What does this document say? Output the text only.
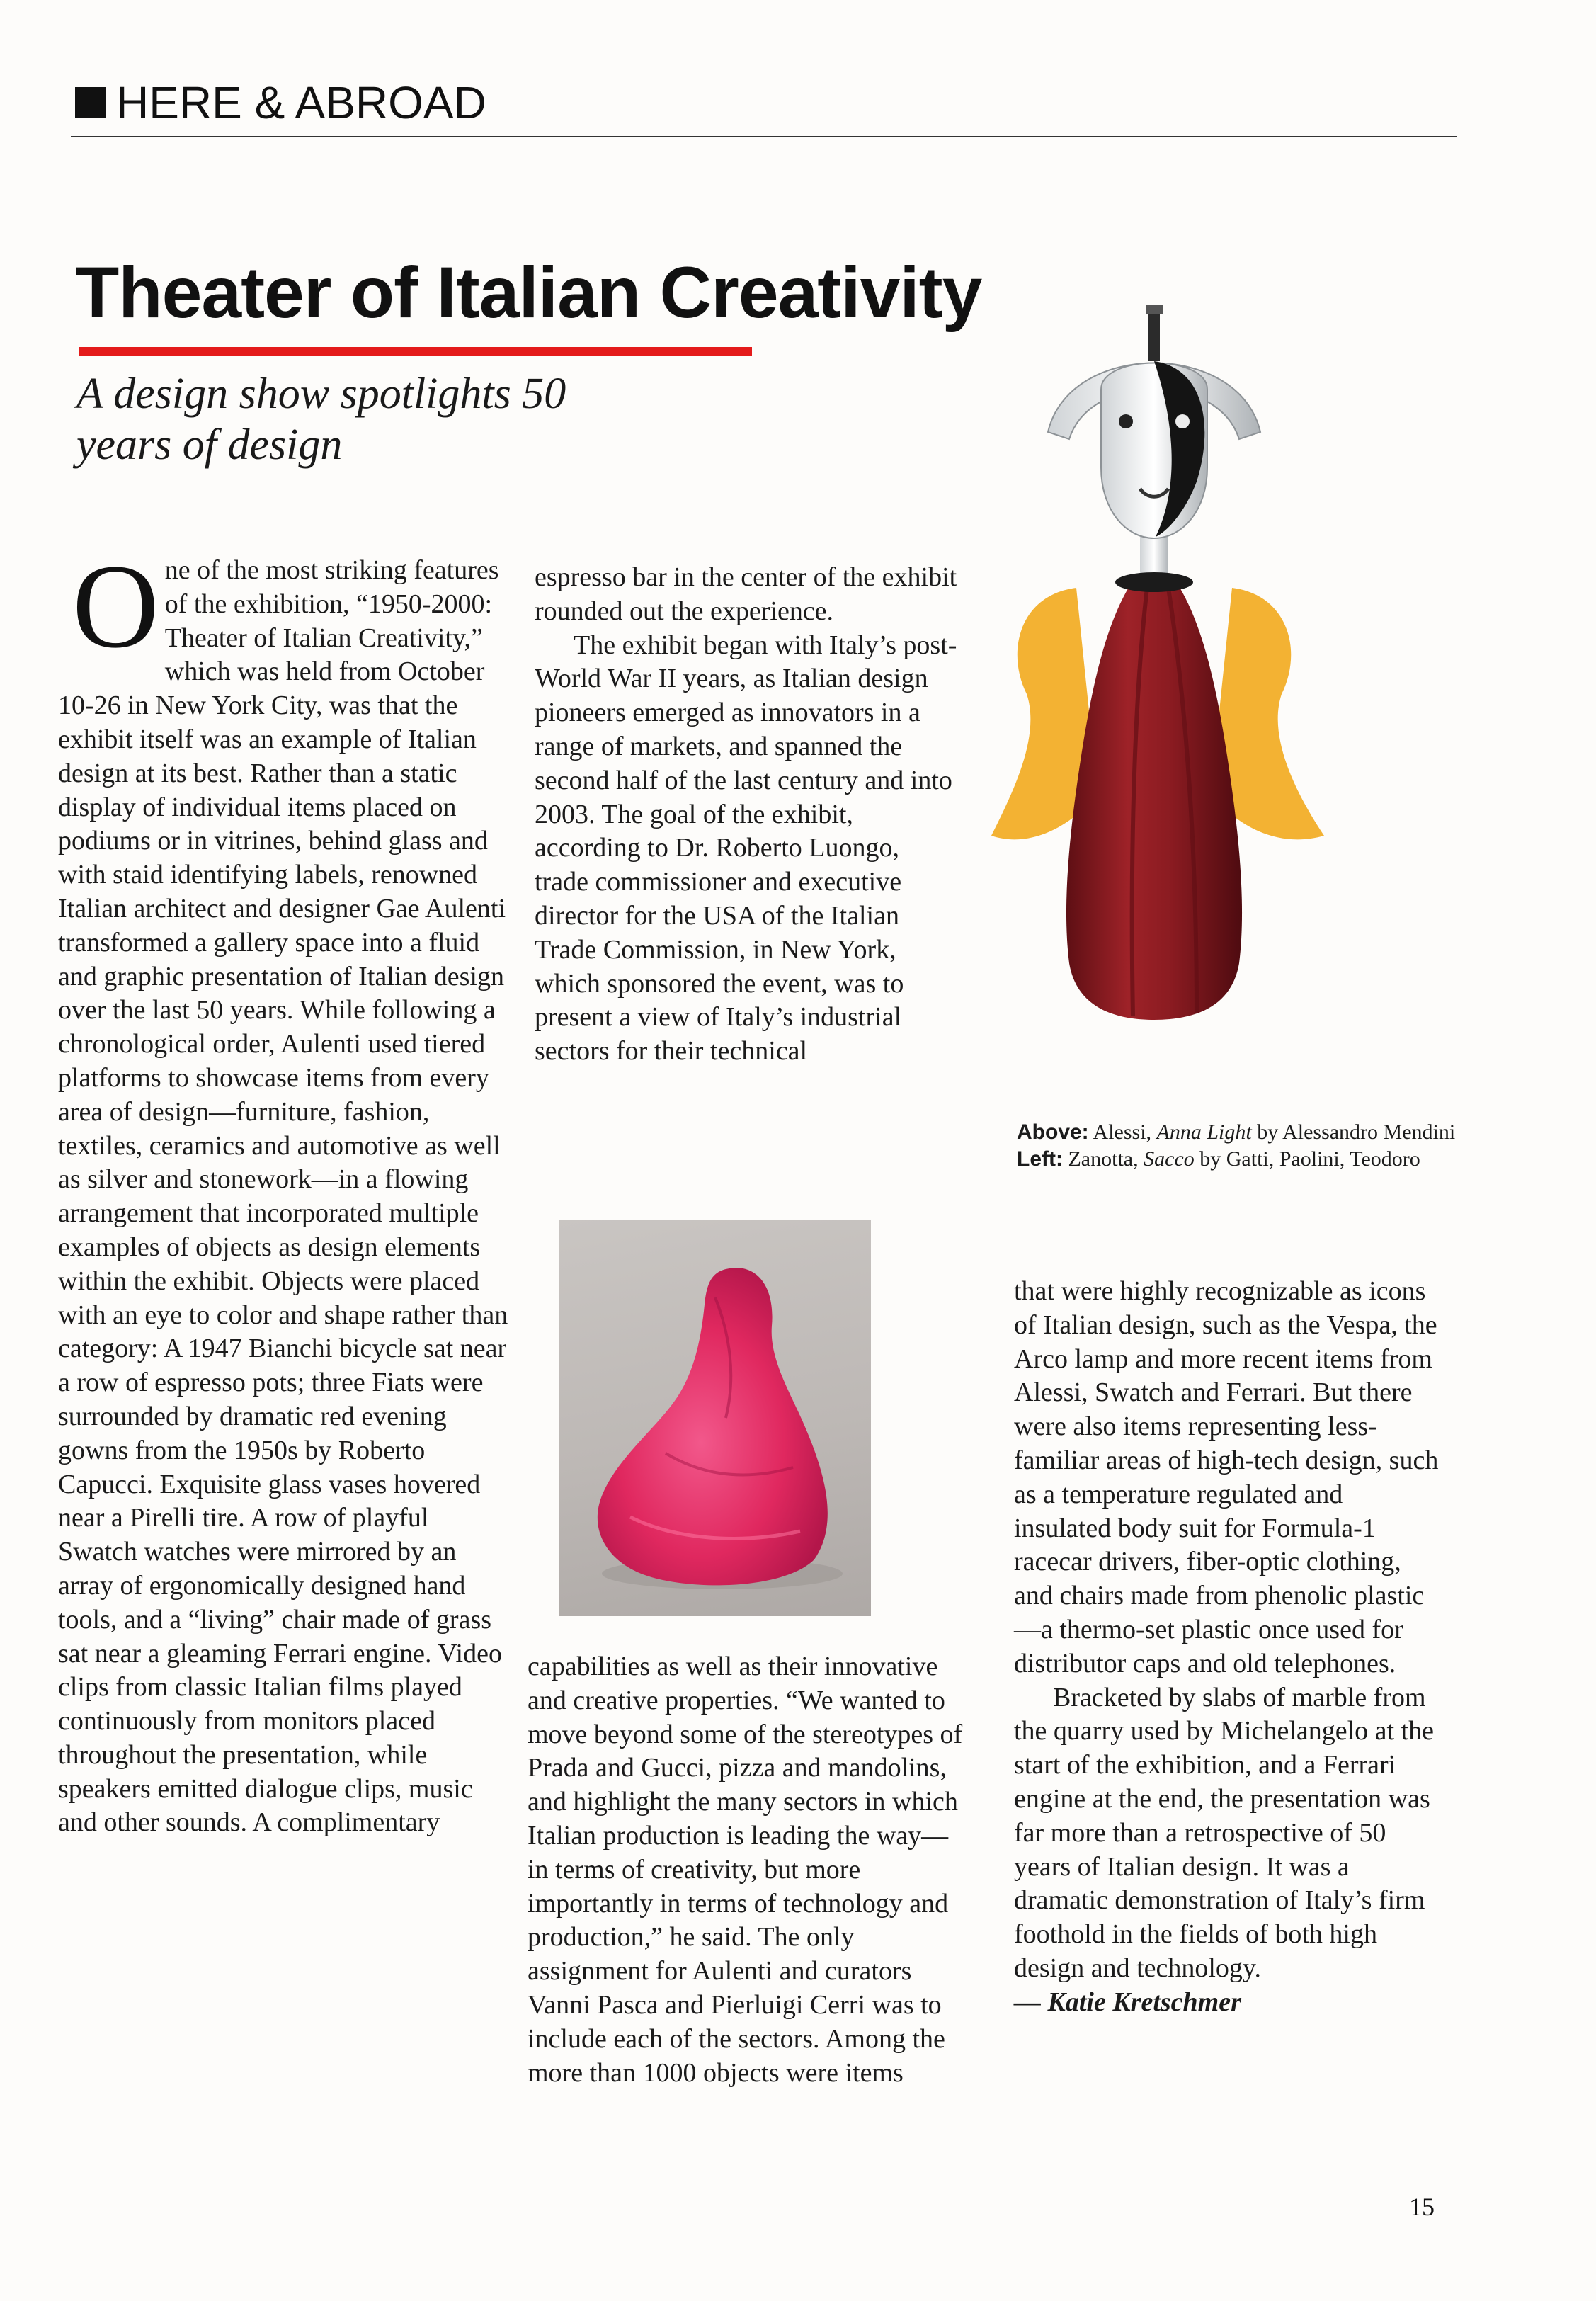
HERE & ABROAD
Theater of Italian Creativity
A design show spotlights 50
years of design

One of the most striking features of the exhibition, “1950-2000: Theater of Italian Creativity,” which was held from October 10-26 in New York City, was that the exhibit itself was an example of Italian design at its best. Rather than a static display of individual items placed on podiums or in vitrines, behind glass and with staid identifying labels, renowned Italian architect and designer Gae Aulenti transformed a gallery space into a fluid and graphic presentation of Italian design over the last 50 years. While following a chronological order, Aulenti used tiered platforms to showcase items from every area of design—furniture, fashion, textiles, ceramics and automotive as well as silver and stonework—in a flowing arrangement that incorporated multiple examples of objects as design elements within the exhibit. Objects were placed with an eye to color and shape rather than category: A 1947 Bianchi bicycle sat near a row of espresso pots; three Fiats were surrounded by dramatic red evening gowns from the 1950s by Roberto Capucci. Exquisite glass vases hovered near a Pirelli tire. A row of playful Swatch watches were mirrored by an array of ergonomically designed hand tools, and a “living” chair made of grass sat near a gleaming Ferrari engine. Video clips from classic Italian films played continuously from monitors placed throughout the presentation, while speakers emitted dialogue clips, music and other sounds. A complimentary

espresso bar in the center of the exhibit rounded out the experience.

The exhibit began with Italy’s post-World War II years, as Italian design pioneers emerged as innovators in a range of markets, and spanned the second half of the last century and into 2003. The goal of the exhibit, according to Dr. Roberto Luongo, trade commissioner and executive director for the USA of the Italian Trade Commission, in New York, which sponsored the event, was to present a view of Italy’s industrial sectors for their technical

capabilities as well as their innovative and creative properties. “We wanted to move beyond some of the stereotypes of Prada and Gucci, pizza and mandolins, and highlight the many sectors in which Italian production is leading the way—in terms of creativity, but more importantly in terms of technology and production,” he said. The only assignment for Aulenti and curators Vanni Pasca and Pierluigi Cerri was to include each of the sectors. Among the more than 1000 objects were items

Above: Alessi, Anna Light by Alessandro Mendini
Left: Zanotta, Sacco by Gatti, Paolini, Teodoro

that were highly recognizable as icons of Italian design, such as the Vespa, the Arco lamp and more recent items from Alessi, Swatch and Ferrari. But there were also items representing less-familiar areas of high-tech design, such as a temperature regulated and insulated body suit for Formula-1 racecar drivers, fiber-optic clothing, and chairs made from phenolic plastic—a thermo-set plastic once used for distributor caps and old telephones.

Bracketed by slabs of marble from the quarry used by Michelangelo at the start of the exhibition, and a Ferrari engine at the end, the presentation was far more than a retrospective of 50 years of Italian design. It was a dramatic demonstration of Italy’s firm foothold in the fields of both high design and technology.

— Katie Kretschmer

15
